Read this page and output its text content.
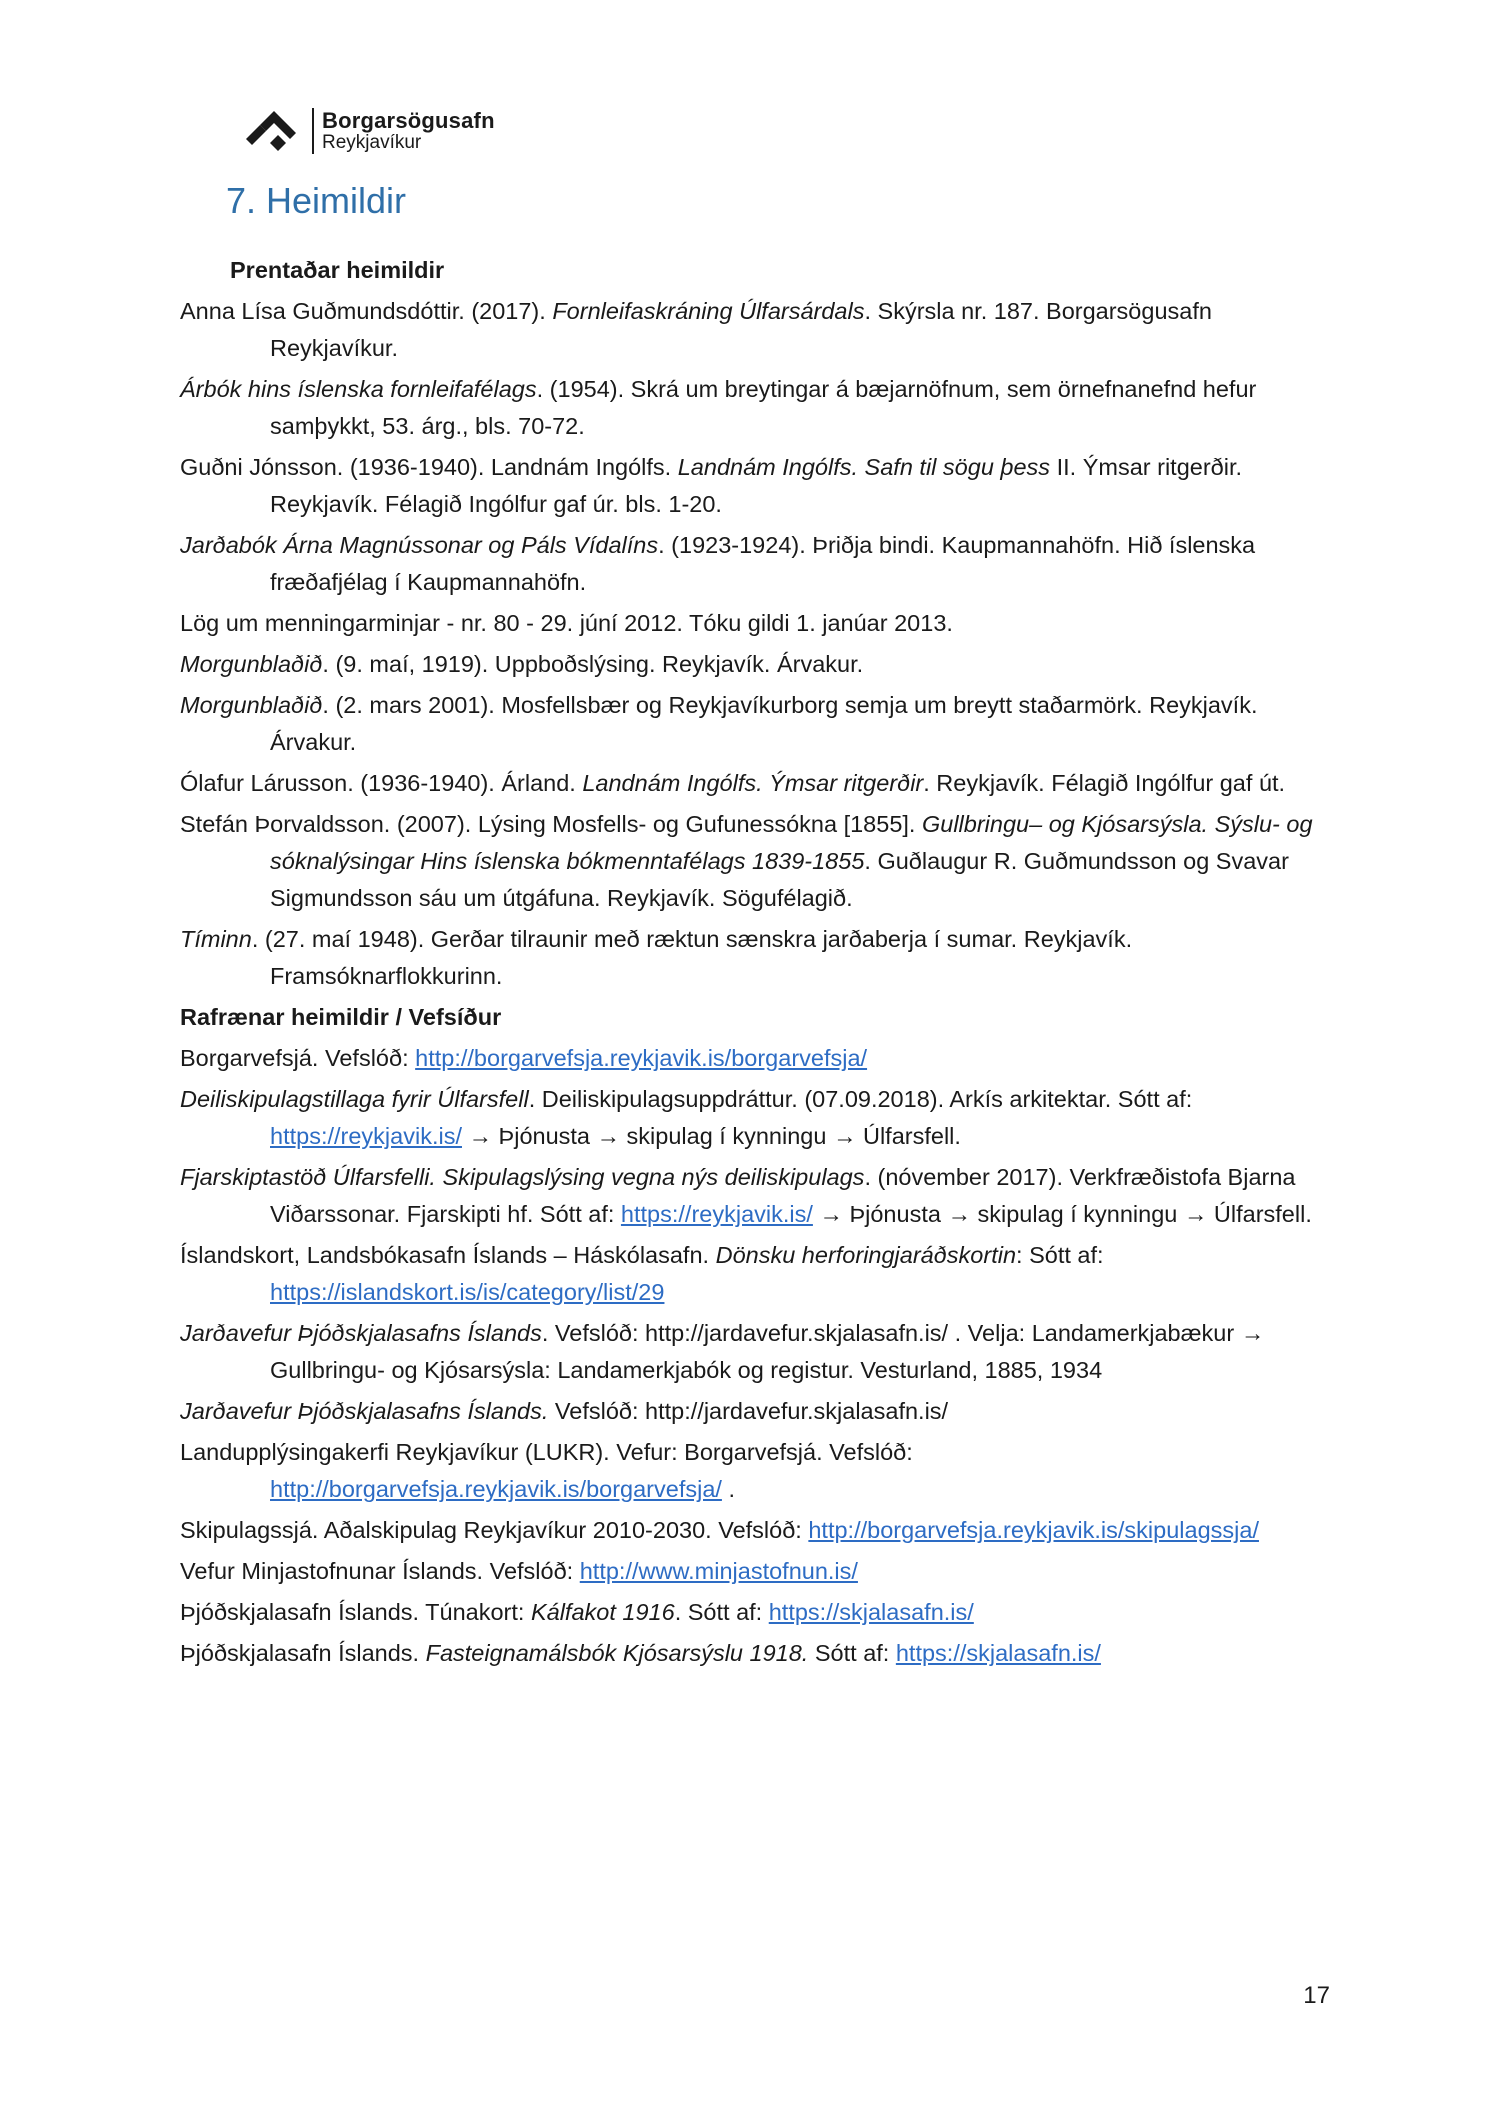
Borgarsögusafn
Reykjavíkur
7. Heimildir
Prentaðar heimildir

Anna Lísa Guðmundsdóttir. (2017). Fornleifaskráning Úlfarsárdals. Skýrsla nr. 187. Borgarsögusafn Reykjavíkur.

Árbók hins íslenska fornleifafélags. (1954). Skrá um breytingar á bæjarnöfnum, sem örnefnanefnd hefur samþykkt, 53. árg., bls. 70-72.

Guðni Jónsson. (1936-1940). Landnám Ingólfs. Landnám Ingólfs. Safn til sögu þess II. Ýmsar ritgerðir. Reykjavík. Félagið Ingólfur gaf úr. bls. 1-20.

Jarðabók Árna Magnússonar og Páls Vídalíns. (1923-1924). Þriðja bindi. Kaupmannahöfn. Hið íslenska fræðafjélag í Kaupmannahöfn.

Lög um menningarminjar - nr. 80 - 29. júní 2012. Tóku gildi 1. janúar 2013.

Morgunblaðið. (9. maí, 1919). Uppboðslýsing. Reykjavík. Árvakur.

Morgunblaðið. (2. mars 2001). Mosfellsbær og Reykjavíkurborg semja um breytt staðarmörk. Reykjavík. Árvakur.

Ólafur Lárusson. (1936-1940). Árland. Landnám Ingólfs. Ýmsar ritgerðir. Reykjavík. Félagið Ingólfur gaf út.

Stefán Þorvaldsson. (2007). Lýsing Mosfells- og Gufunessókna [1855]. Gullbringu– og Kjósarsýsla. Sýslu- og sóknalýsingar Hins íslenska bókmenntafélags 1839-1855. Guðlaugur R. Guðmundsson og Svavar Sigmundsson sáu um útgáfuna. Reykjavík. Sögufélagið.

Tíminn. (27. maí 1948). Gerðar tilraunir með ræktun sænskra jarðaberja í sumar. Reykjavík. Framsóknarflokkurinn.

Rafrænar heimildir / Vefsíður

Borgarvefsjá. Vefslóð: http://borgarvefsja.reykjavik.is/borgarvefsja/

Deiliskipulagstillaga fyrir Úlfarsfell. Deiliskipulagsuppdráttur. (07.09.2018). Arkís arkitektar. Sótt af: https://reykjavik.is/ → Þjónusta → skipulag í kynningu → Úlfarsfell.

Fjarskiptastöð Úlfarsfelli. Skipulagslýsing vegna nýs deiliskipulags. (nóvember 2017). Verkfræðistofa Bjarna Viðarssonar. Fjarskipti hf. Sótt af: https://reykjavik.is/ → Þjónusta → skipulag í kynningu → Úlfarsfell.

Íslandskort, Landsbókasafn Íslands – Háskólasafn. Dönsku herforingjaráðskortin: Sótt af: https://islandskort.is/is/category/list/29

Jarðavefur Þjóðskjalasafns Íslands. Vefslóð: http://jardavefur.skjalasafn.is/ . Velja: Landamerkjabækur → Gullbringu- og Kjósarsýsla: Landamerkjabók og registur. Vesturland, 1885, 1934

Jarðavefur Þjóðskjalasafns Íslands. Vefslóð: http://jardavefur.skjalasafn.is/

Landupplýsingakerfi Reykjavíkur (LUKR). Vefur: Borgarvefsjá. Vefslóð: http://borgarvefsja.reykjavik.is/borgarvefsja/ .

Skipulagssjá. Aðalskipulag Reykjavíkur 2010-2030. Vefslóð: http://borgarvefsja.reykjavik.is/skipulagssja/

Vefur Minjastofnunar Íslands. Vefslóð: http://www.minjastofnun.is/

Þjóðskjalasafn Íslands. Túnakort: Kálfakot 1916. Sótt af: https://skjalasafn.is/

Þjóðskjalasafn Íslands. Fasteignamálsbók Kjósarsýslu 1918. Sótt af: https://skjalasafn.is/

17
